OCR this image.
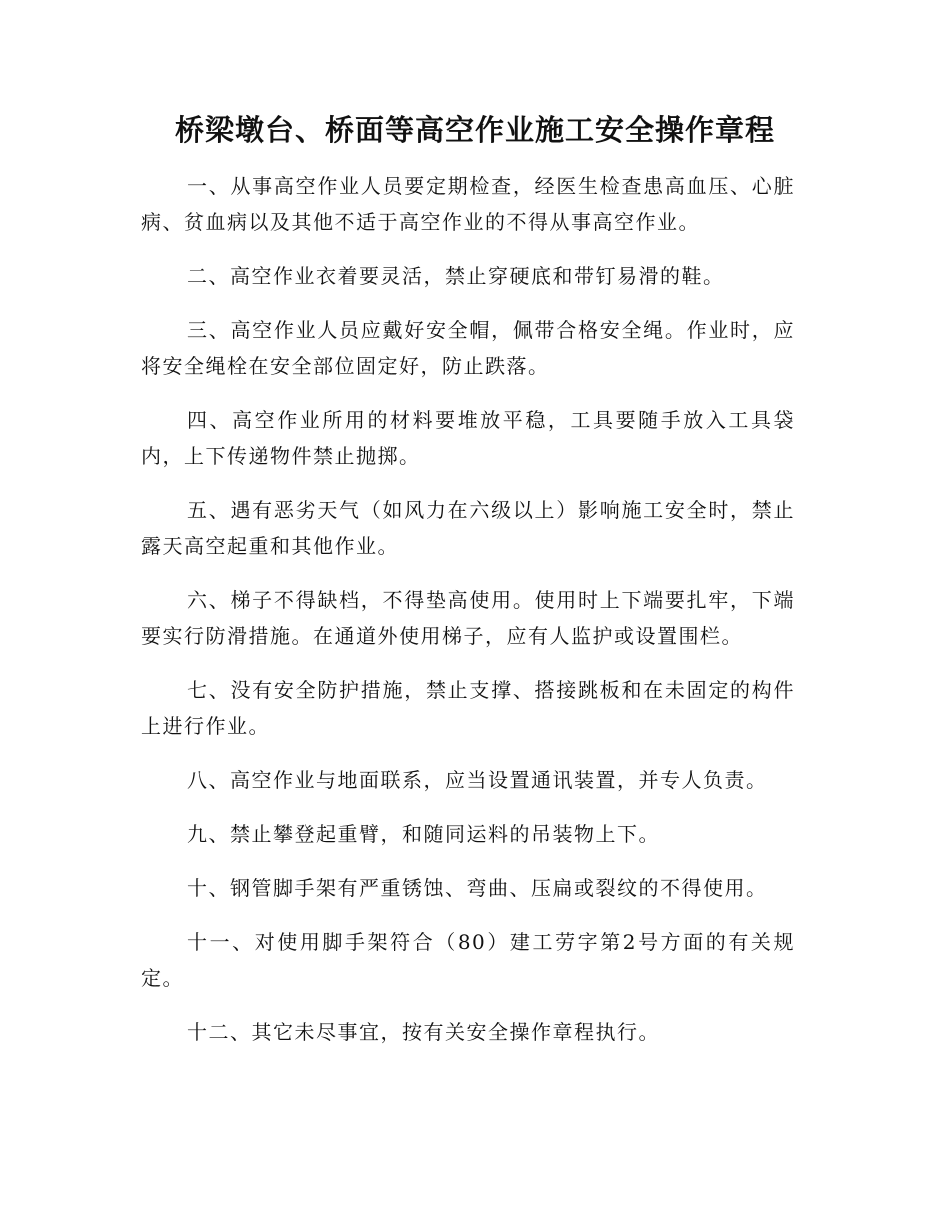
桥梁墩台、桥面等高空作业施工安全操作章程

一、从事高空作业人员要定期检查，经医生检查患高血压、心脏病、贫血病以及其他不适于高空作业的不得从事高空作业。

二、高空作业衣着要灵活，禁止穿硬底和带钉易滑的鞋。

三、高空作业人员应戴好安全帽，佩带合格安全绳。作业时，应将安全绳栓在安全部位固定好，防止跌落。

四、高空作业所用的材料要堆放平稳，工具要随手放入工具袋内，上下传递物件禁止抛掷。

五、遇有恶劣天气（如风力在六级以上）影响施工安全时，禁止露天高空起重和其他作业。

六、梯子不得缺档，不得垫高使用。使用时上下端要扎牢，下端要实行防滑措施。在通道外使用梯子，应有人监护或设置围栏。

七、没有安全防护措施，禁止支撑、搭接跳板和在未固定的构件上进行作业。

八、高空作业与地面联系，应当设置通讯装置，并专人负责。

九、禁止攀登起重臂，和随同运料的吊装物上下。

十、钢管脚手架有严重锈蚀、弯曲、压扁或裂纹的不得使用。

十一、对使用脚手架符合（80）建工劳字第2号方面的有关规定。

十二、其它未尽事宜，按有关安全操作章程执行。
